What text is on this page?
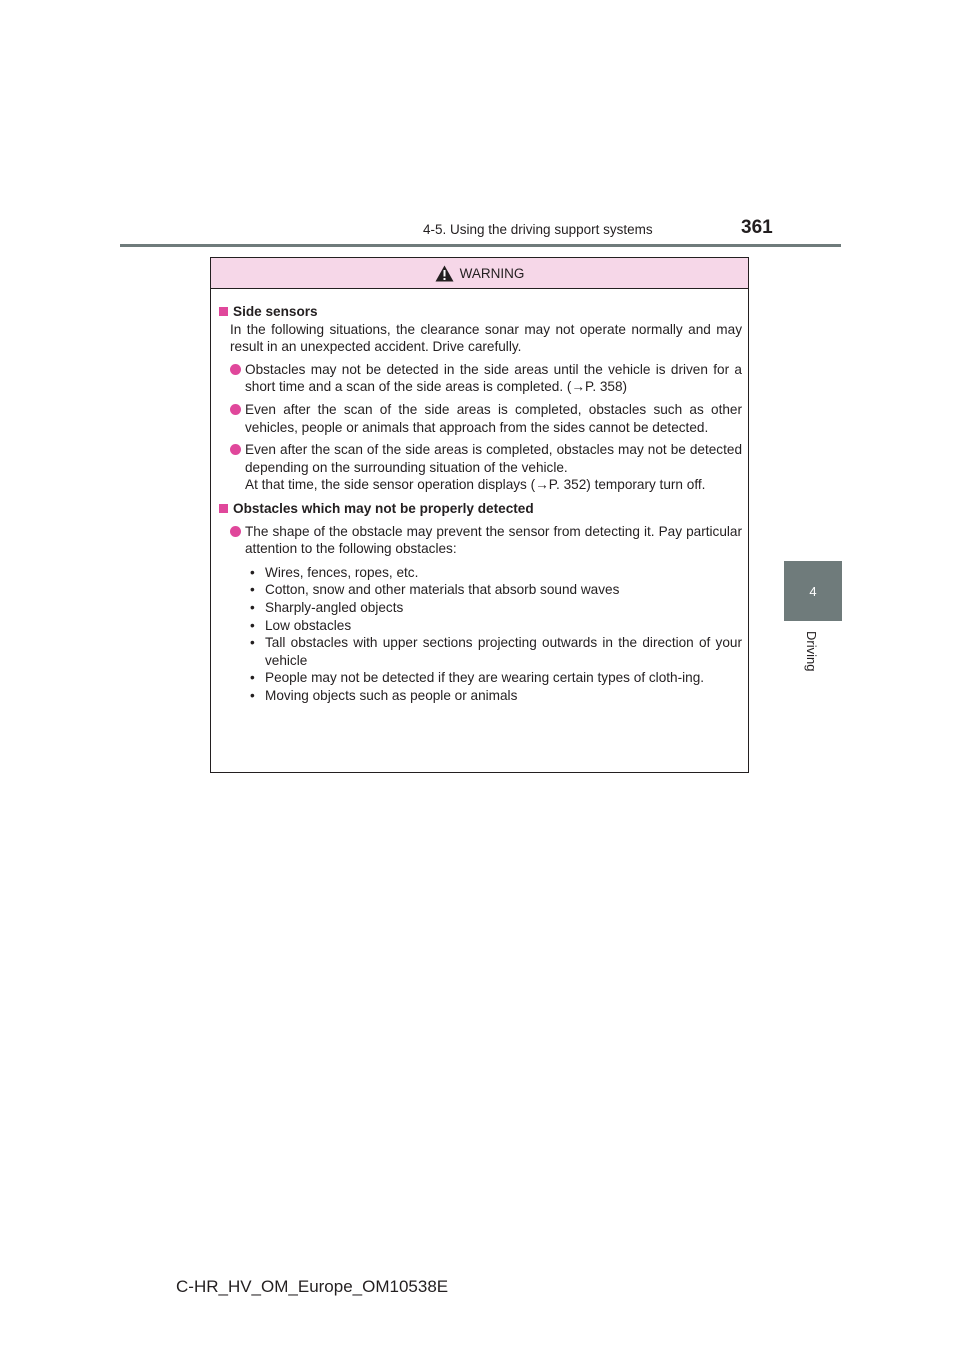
4-5. Using the driving support systems	361
4
Driving
WARNING
Side sensors
In the following situations, the clearance sonar may not operate normally and may result in an unexpected accident. Drive carefully.
Obstacles may not be detected in the side areas until the vehicle is driven for a short time and a scan of the side areas is completed. (→P. 358)
Even after the scan of the side areas is completed, obstacles such as other vehicles, people or animals that approach from the sides cannot be detected.
Even after the scan of the side areas is completed, obstacles may not be detected depending on the surrounding situation of the vehicle.
At that time, the side sensor operation displays (→P. 352) temporary turn off.
Obstacles which may not be properly detected
The shape of the obstacle may prevent the sensor from detecting it. Pay particular attention to the following obstacles:
• Wires, fences, ropes, etc.
• Cotton, snow and other materials that absorb sound waves
• Sharply-angled objects
• Low obstacles
• Tall obstacles with upper sections projecting outwards in the direction of your vehicle
• People may not be detected if they are wearing certain types of cloth-ing.
• Moving objects such as people or animals
C-HR_HV_OM_Europe_OM10538E
